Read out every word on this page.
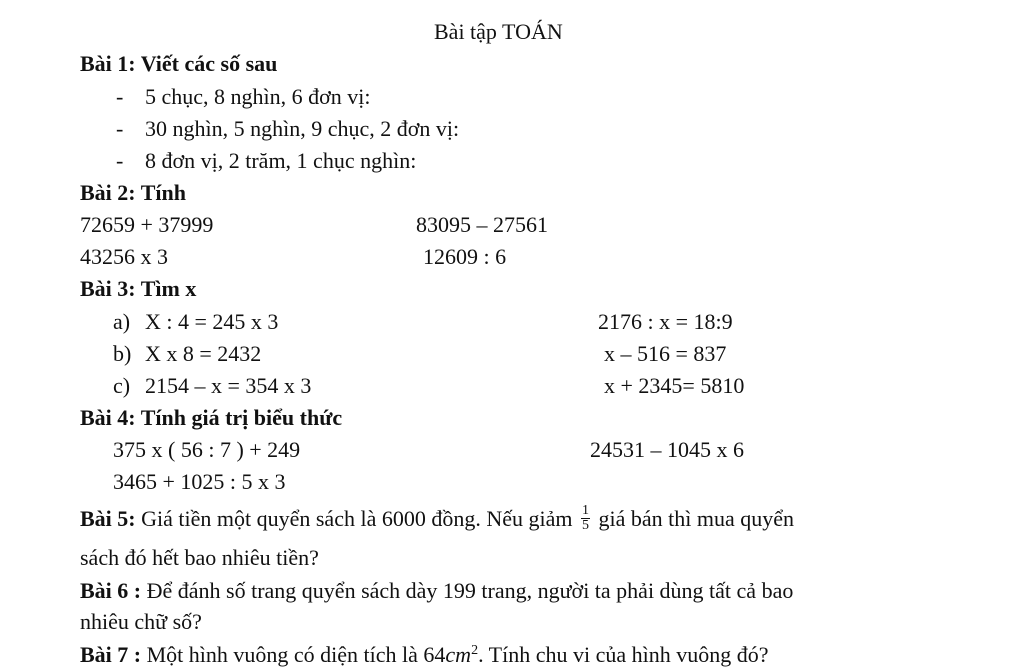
Bài tập TOÁN
Bài 1: Viết các số sau
- 5 chục, 8 nghìn, 6 đơn vị:
- 30 nghìn, 5 nghìn, 9 chục, 2 đơn vị:
- 8 đơn vị, 2 trăm, 1 chục nghìn:
Bài 2: Tính
72659 + 37999	83095 – 27561
43256 x 3	12609 : 6
Bài 3: Tìm x
a) X : 4 = 245 x 3	2176 : x = 18:9
b) X x 8 = 2432	x – 516 = 837
c) 2154 – x = 354 x 3	x + 2345= 5810
Bài 4: Tính giá trị biểu thức
375 x ( 56 : 7 ) + 249	24531 – 1045 x 6
3465 + 1025 : 5 x 3
Bài 5: Giá tiền một quyển sách là 6000 đồng. Nếu giảm $\frac{1}{5}$ giá bán thì mua quyển
sách đó hết bao nhiêu tiền?
Bài 6 : Để đánh số trang quyển sách dày 199 trang, người ta phải dùng tất cả bao
nhiêu chữ số?
Bài 7 : Một hình vuông có diện tích là $64cm^2$. Tính chu vi của hình vuông đó?
